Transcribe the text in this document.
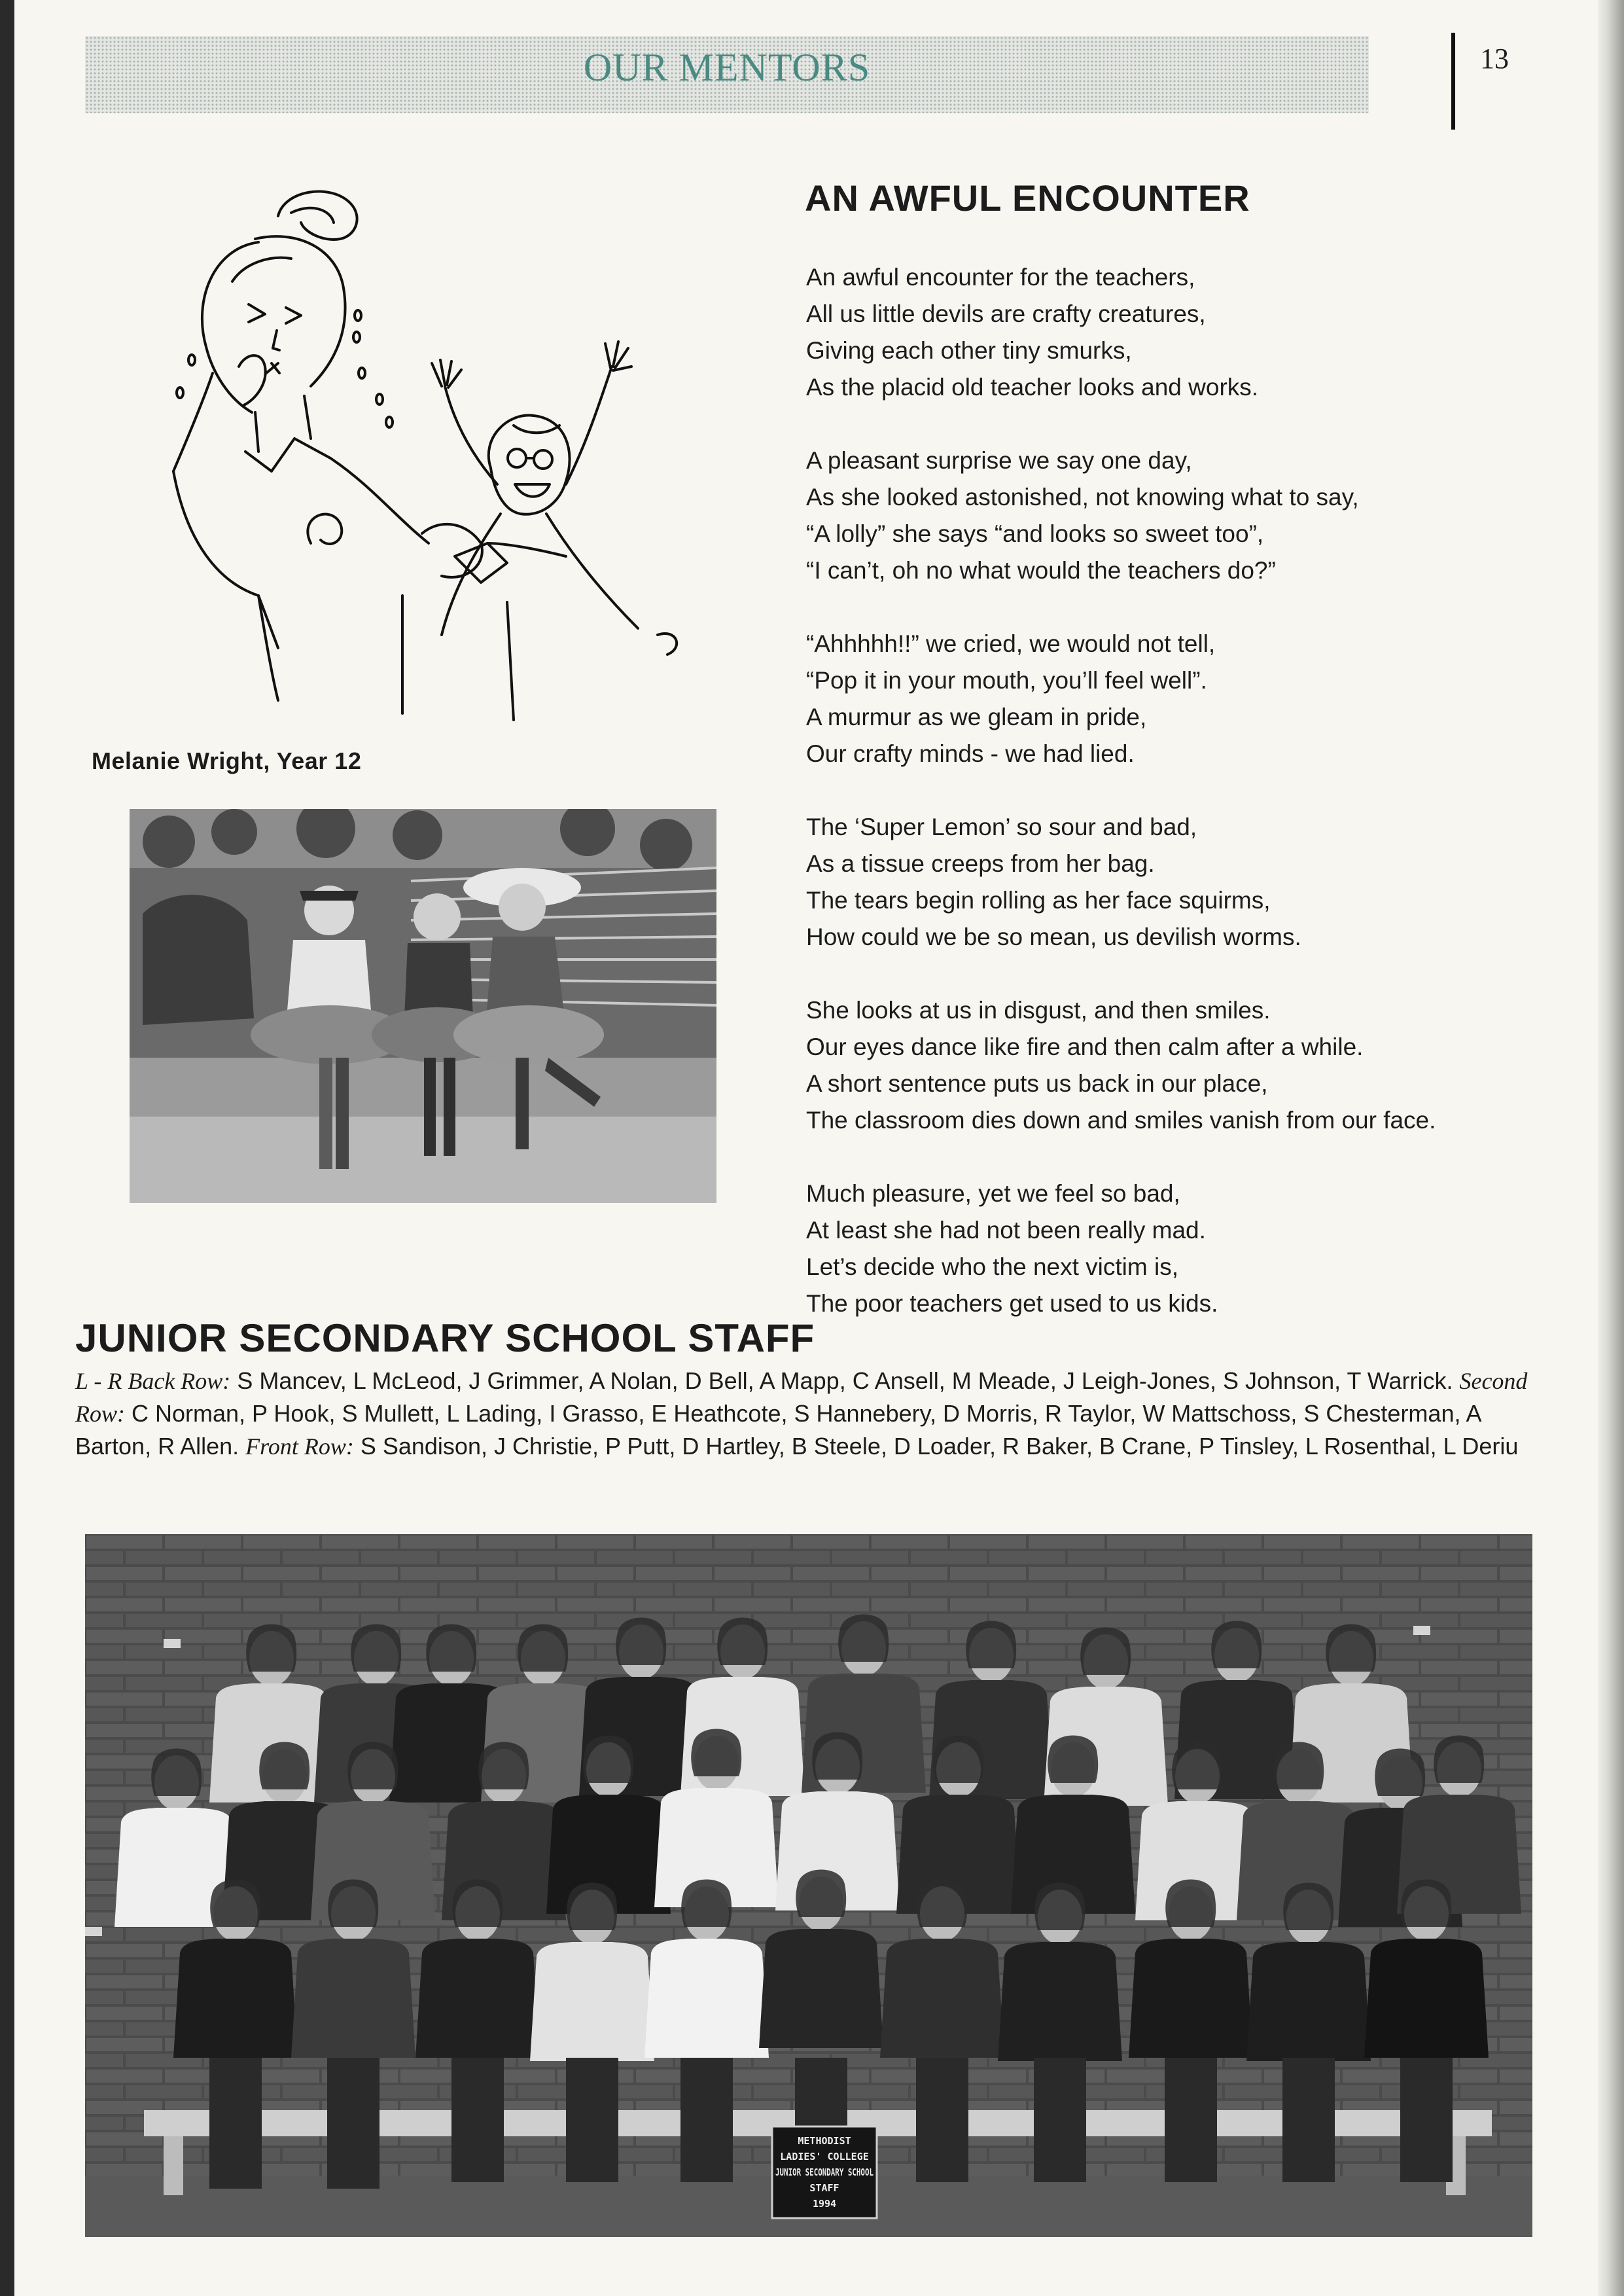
OUR MENTORS	13
Melanie Wright, Year 12
AN AWFUL ENCOUNTER
An awful encounter for the teachers,
All us little devils are crafty creatures,
Giving each other tiny smurks,
As the placid old teacher looks and works.
A pleasant surprise we say one day,
As she looked astonished, not knowing what to say,
“A lolly” she says “and looks so sweet too”,
“I can’t, oh no what would the teachers do?”
“Ahhhhh!!” we cried, we would not tell,
“Pop it in your mouth, you’ll feel well”.
A murmur as we gleam in pride,
Our crafty minds - we had lied.
The ‘Super Lemon’ so sour and bad,
As a tissue creeps from her bag.
The tears begin rolling as her face squirms,
How could we be so mean, us devilish worms.
She looks at us in disgust, and then smiles.
Our eyes dance like fire and then calm after a while.
A short sentence puts us back in our place,
The classroom dies down and smiles vanish from our face.
Much pleasure, yet we feel so bad,
At least she had not been really mad.
Let’s decide who the next victim is,
The poor teachers get used to us kids.
JUNIOR SECONDARY SCHOOL STAFF
L - R Back Row: S Mancev, L McLeod, J Grimmer, A Nolan, D Bell, A Mapp, C Ansell, M Meade, J Leigh-Jones, S Johnson, T Warrick. Second Row: C Norman, P Hook, S Mullett, L Lading, I Grasso, E Heathcote, S Hannebery, D Morris, R Taylor, W Mattschoss, S Chesterman, A Barton, R Allen. Front Row: S Sandison, J Christie, P Putt, D Hartley, B Steele, D Loader, R Baker, B Crane, P Tinsley, L Rosenthal, L Deriu
METHODIST
LADIES' COLLEGE
JUNIOR SECONDARY SCHOOL
STAFF
1994
